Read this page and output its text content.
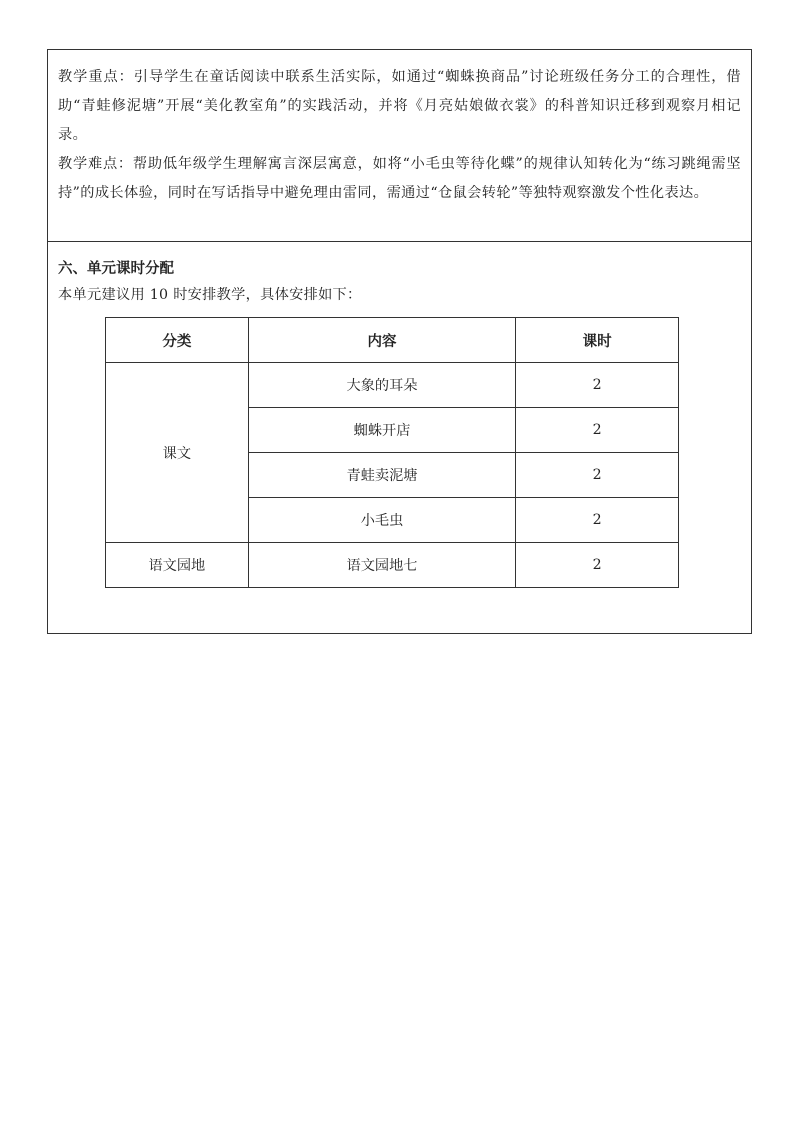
教学重点：引导学生在童话阅读中联系生活实际，如通过“蜘蛛换商品”讨论班级任务分工的合理性，借助“青蛙修泥塘”开展“美化教室角”的实践活动，并将《月亮姑娘做衣裳》的科普知识迁移到观察月相记录。

教学难点：帮助低年级学生理解寓言深层寓意，如将“小毛虫等待化蝶”的规律认知转化为“练习跳绳需坚持”的成长体验，同时在写话指导中避免理由雷同，需通过“仓鼠会转轮”等独特观察激发个性化表达。

六、单元课时分配

本单元建议用 10 时安排教学，具体安排如下：

分类	内容	课时
课文	大象的耳朵	2
	蜘蛛开店	2
	青蛙卖泥塘	2
	小毛虫	2
语文园地	语文园地七	2
